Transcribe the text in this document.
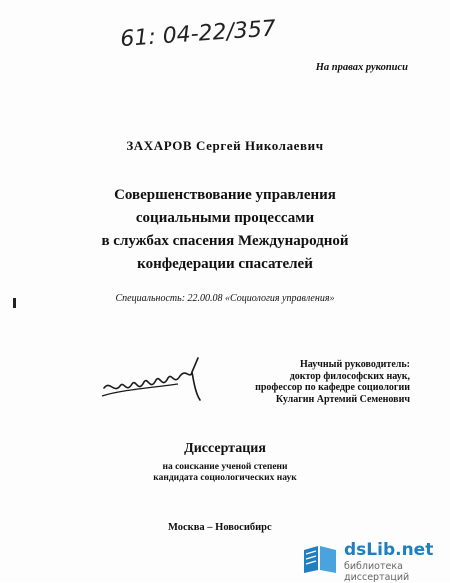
61: 04-22/357
На правах рукописи
ЗАХАРОВ Сергей Николаевич
Совершенствование управления
социальными процессами
в службах спасения Международной
конфедерации спасателей
Специальность: 22.00.08 «Социология управления»
Научный руководитель:
доктор философских наук,
профессор по кафедре социологии
Кулагин Артемий Семенович
Диссертация
на соискание ученой степени
кандидата социологических наук
Москва – Новосибирс
dsLib.net
библиотека диссертаций
